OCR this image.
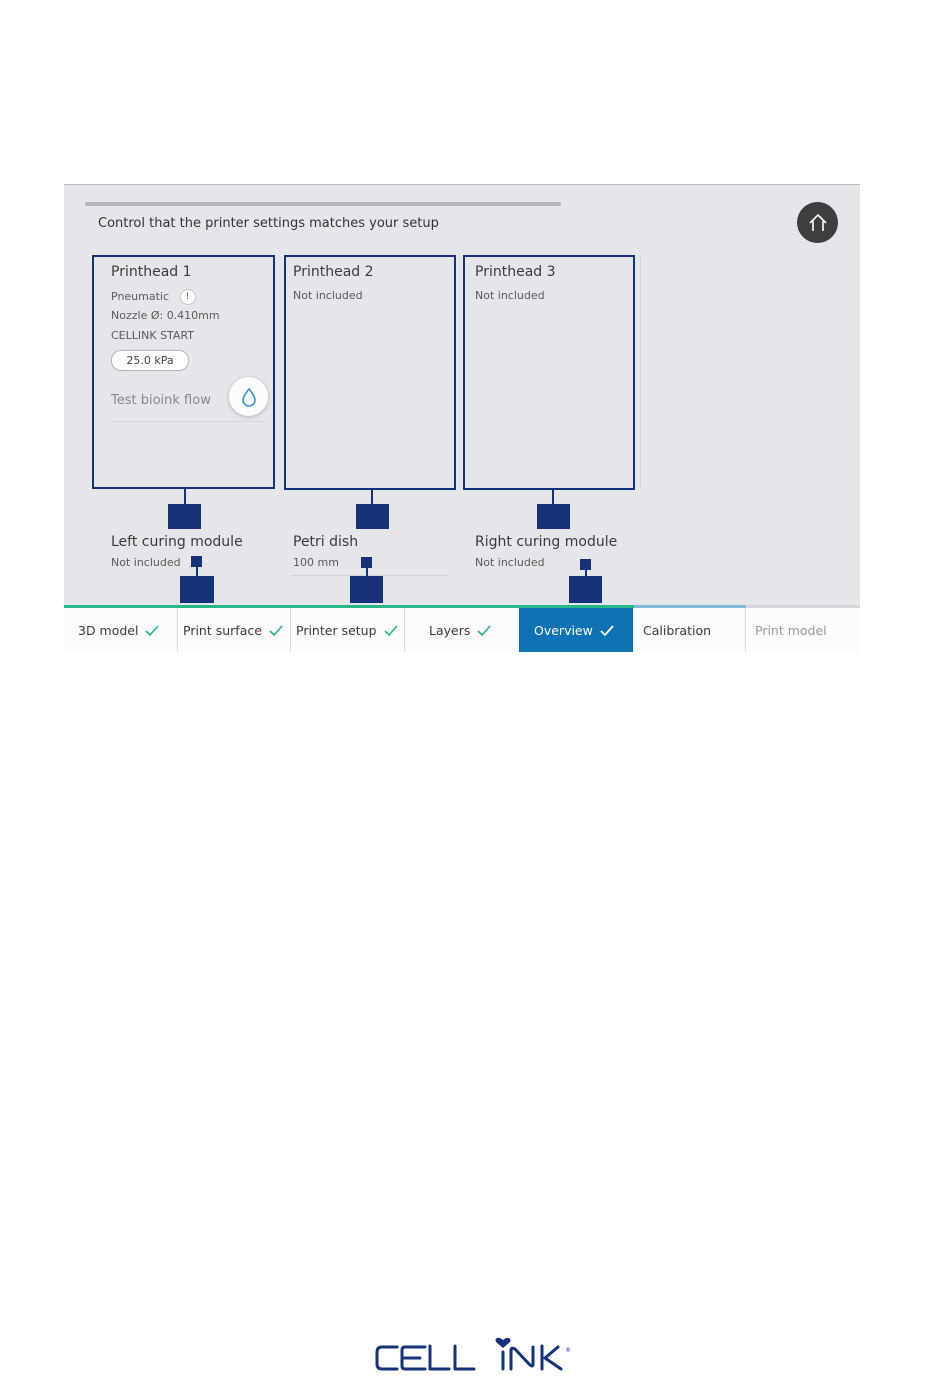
Control that the printer settings matches your setup
Printhead 1
Pneumatic !
Nozzle Ø: 0.410mm
CELLINK START
25.0 kPa
Test bioink flow
Printhead 2
Not included
Printhead 3
Not included
Left curing module
Not included
Petri dish
100 mm
Right curing module
Not included
3D model	Print surface	Printer setup	Layers	Overview	Calibration	Print model
®
